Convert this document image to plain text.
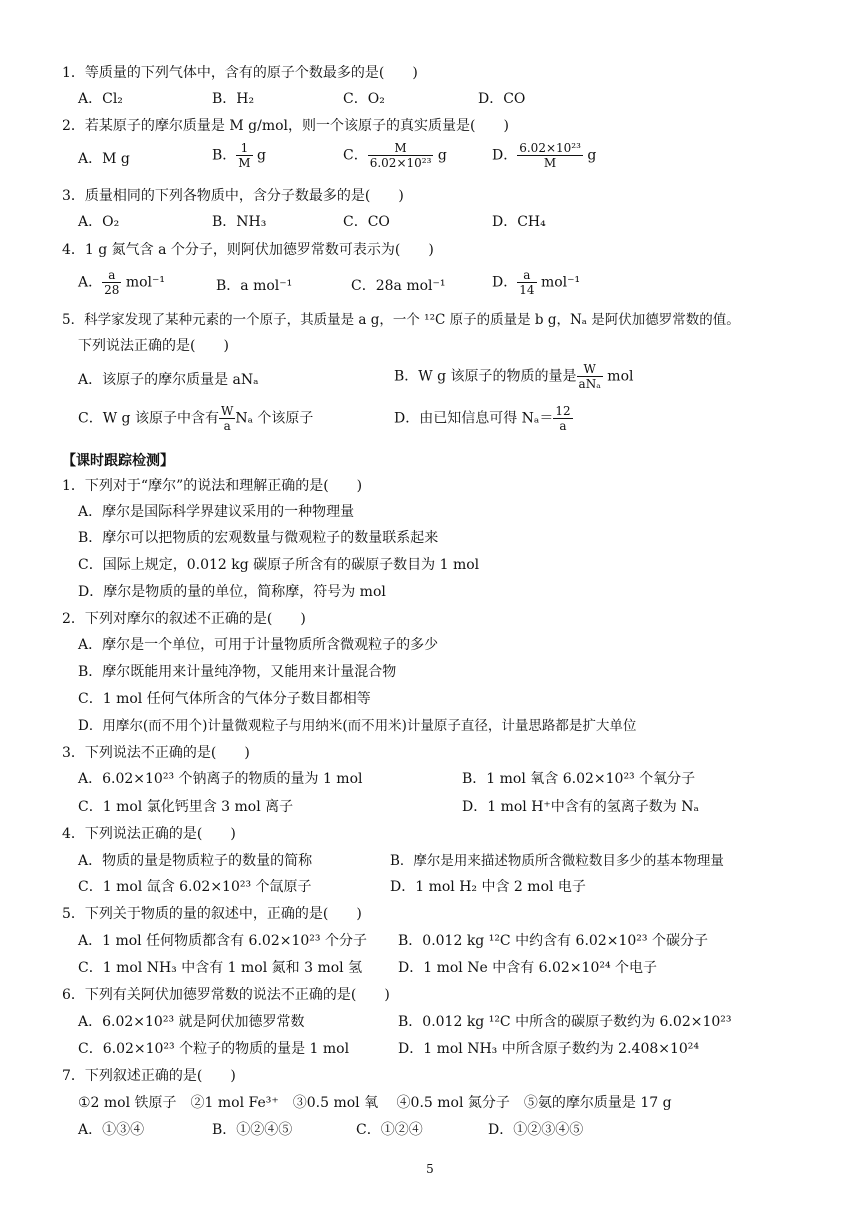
1．等质量的下列气体中，含有的原子个数最多的是(　　)
A．Cl₂	B．H₂	C．O₂	D．CO
2．若某原子的摩尔质量是 M g/mol，则一个该原子的真实质量是(　　)
A．M g	B． $\frac{1}{M}$ g	C． $\frac{M}{\text{6.02×10²³}}$ g	D． $\frac{\text{6.02×10²³}}{M}$ g
3．质量相同的下列各物质中，含分子数最多的是(　　)
A．O₂	B．NH₃	C．CO	D．CH₄
4．1 g 氮气含 a 个分子，则阿伏加德罗常数可表示为(　　)
A． $\frac{a}{28} mol^{-1}$	B．a mol⁻¹	C．28a mol⁻¹	D． $\frac{a}{14} mol^{-1}$
5．科学家发现了某种元素的一个原子，其质量是 a g，一个 ¹²C 原子的质量是 b g，Nₐ 是阿伏加德罗常数的值。
下列说法正确的是(　　)
A．该原子的摩尔质量是 aNₐ	B．W g 该原子的物质的量是 $\frac{W}{\text{aNₐ}}$ mol
C．W g 该原子中含有 $\frac{W}{a}$ Nₐ 个该原子	D．由已知信息可得 $N_a= \frac{12}{a}$
【课时跟踪检测】
1．下列对于“摩尔”的说法和理解正确的是(　　)
A．摩尔是国际科学界建议采用的一种物理量
B．摩尔可以把物质的宏观数量与微观粒子的数量联系起来
C．国际上规定，0.012 kg 碳原子所含有的碳原子数目为 1 mol
D．摩尔是物质的量的单位，简称摩，符号为 mol
2．下列对摩尔的叙述不正确的是(　　)
A．摩尔是一个单位，可用于计量物质所含微观粒子的多少
B．摩尔既能用来计量纯净物，又能用来计量混合物
C．1 mol 任何气体所含的气体分子数目都相等
D．用摩尔(而不用个)计量微观粒子与用纳米(而不用米)计量原子直径，计量思路都是扩大单位
3．下列说法不正确的是(　　)
A．6.02×10²³ 个钠离子的物质的量为 1 mol	B．1 mol 氧含 6.02×10²³ 个氧分子
C．1 mol 氯化钙里含 3 mol 离子	D．1 mol H⁺中含有的氢离子数为 Nₐ
4．下列说法正确的是(　　)
A．物质的量是物质粒子的数量的简称	B．摩尔是用来描述物质所含微粒数目多少的基本物理量
C．1 mol 氙含 6.02×10²³ 个氙原子	D．1 mol H₂ 中含 2 mol 电子
5．下列关于物质的量的叙述中，正确的是(　　)
A．1 mol 任何物质都含有 6.02×10²³ 个分子 B．0.012 kg ¹²C 中约含有 6.02×10²³ 个碳分子
C．1 mol NH₃ 中含有 1 mol 氮和 3 mol 氢	D．1 mol Ne 中含有 6.02×10²⁴ 个电子
6．下列有关阿伏加德罗常数的说法不正确的是(　　)
A．6.02×10²³ 就是阿伏加德罗常数	B．0.012 kg ¹²C 中所含的碳原子数约为 6.02×10²³
C．6.02×10²³ 个粒子的物质的量是 1 mol	D．1 mol NH₃ 中所含原子数约为 2.408×10²⁴
7．下列叙述正确的是(　　)
①2 mol 铁原子　②1 mol Fe³⁺　③0.5 mol 氧　 ④0.5 mol 氮分子　⑤氨的摩尔质量是 17 g
A．①③④	B．①②④⑤	C．①②④	D．①②③④⑤
5
